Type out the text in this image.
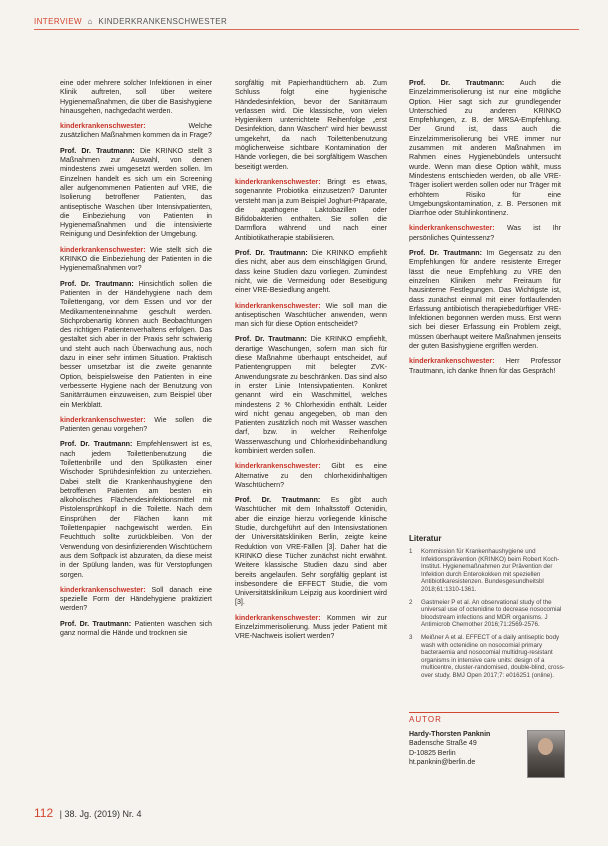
INTERVIEW ⌂ KINDERKRANKENSCHWESTER

eine oder mehrere solcher Infektionen in einer Klinik auftreten, soll über weitere Hygienemaßnahmen, die über die Basishygiene hinausgehen, nachgedacht werden.

kinderkrankenschwester: Welche zusätzlichen Maßnahmen kommen da in Frage?

Prof. Dr. Trautmann: Die KRINKO stellt 3 Maßnahmen zur Auswahl, von denen mindestens zwei umgesetzt werden sollen. Im Einzelnen handelt es sich um ein Screening aller aufgenommenen Patienten auf VRE, die Isolierung betroffener Patienten, das antiseptische Waschen über Intensivpatienten, die Einbeziehung von Patienten in Hygienemaßnahmen und die intensivierte Reinigung und Desinfektion der Umgebung.

kinderkrankenschwester: Wie stellt sich die KRINKO die Einbeziehung der Patienten in die Hygienemaßnahmen vor?

Prof. Dr. Trautmann: Hinsichtlich sollen die Patienten in der Händehygiene nach dem Toilettengang, vor dem Essen und vor der Medikamenteneinnahme geschult werden. Stichprobenartig können auch Beobachtungen des richtigen Patientenverhaltens erfolgen. Das gestaltet sich aber in der Praxis sehr schwierig und steht auch nach Überwachung aus, noch dazu in einer sehr intimen Situation. Praktisch besser umsetzbar ist die zweite genannte Option, beispielsweise den Patienten in eine verbesserte Hygiene nach der Benutzung von Sanitärräumen einzuweisen, zum Beispiel über ein Merkblatt.

kinderkrankenschwester: Wie sollen die Patienten genau vorgehen?

Prof. Dr. Trautmann: Empfehlenswert ist es, nach jedem Toilettenbenutzung die Toilettenbrille und den Spülkasten einer Wischoder Sprühdesinfektion zu unterziehen. Dabei stellt die Krankenhaushygiene den betroffenen Patienten am besten ein alkoholisches Flächendesinfektionsmittel mit Pistolensprühkopf in die Toilette. Nach dem Einsprühen der Flächen kann mit Toilettenpapier nachgewischt werden. Ein Feuchttuch sollte zurückbleiben. Von der Verwendung von desinfizierenden Wischtüchern aus dem Softpack ist abzuraten, da diese meist in der Spülung landen, was für Verstopfungen sorgen.

kinderkrankenschwester: Soll danach eine spezielle Form der Händehygiene praktiziert werden?

Prof. Dr. Trautmann: Patienten waschen sich ganz normal die Hände und trocknen sie

sorgfältig mit Papierhandtüchern ab. Zum Schluss folgt eine hygienische Händedesinfektion, bevor der Sanitärraum verlassen wird. Die klassische, von vielen Hygienikern unterrichtete Reihenfolge „erst Desinfektion, dann Waschen“ wird hier bewusst umgekehrt, da nach Toilettenbenutzung möglicherweise sichtbare Kontamination der Hände vorliegen, die bei sorgfältigem Waschen beseitigt werden.

kinderkrankenschwester: Bringt es etwas, sogenannte Probiotika einzusetzen? Darunter versteht man ja zum Beispiel Joghurt-Präparate, die apathogene Laktobazillen oder Bifidobakterien enthalten. Sie sollen die Darmflora während und nach einer Antibiotikatherapie stabilisieren.

Prof. Dr. Trautmann: Die KRINKO empfiehlt dies nicht, aber aus dem einschlägigen Grund, dass keine Studien dazu vorliegen. Zumindest nicht, wie die Vermeidung oder Beseitigung einer VRE-Besiedlung angeht.

kinderkrankenschwester: Wie soll man die antiseptischen Waschtücher anwenden, wenn man sich für diese Option entscheidet?

Prof. Dr. Trautmann: Die KRINKO empfiehlt, derartige Waschungen, sofern man sich für diese Maßnahme überhaupt entscheidet, auf Patientengruppen mit belegter ZVK-Anwendungsrate zu beschränken. Das sind also in erster Linie Intensivpatienten. Konkret genannt wird ein Waschmittel, welches mindestens 2 % Chlorhexidin enthält. Leider wird nicht genau angegeben, ob man den Patienten zusätzlich noch mit Wasser waschen darf, bzw. in welcher Reihenfolge Wasserwaschung und Chlorhexidinbehandlung kombiniert werden sollen.

kinderkrankenschwester: Gibt es eine Alternative zu den chlorhexidinhaltigen Waschtüchern?

Prof. Dr. Trautmann: Es gibt auch Waschtücher mit dem Inhaltsstoff Octenidin, aber die einzige hierzu vorliegende klinische Studie, durchgeführt auf den Intensivstationen der Universitätskliniken Berlin, zeigte keine Reduktion von VRE-Fällen [3]. Daher hat die KRINKO diese Tücher zunächst nicht erwähnt. Weitere klassische Studien dazu sind aber bereits angelaufen. Sehr sorgfältig geplant ist insbesondere die EFFECT Studie, die vom Universitätsklinikum Leipzig aus koordiniert wird [3].

kinderkrankenschwester: Kommen wir zur Einzelzimmerisolierung. Muss jeder Patient mit VRE-Nachweis isoliert werden?

Prof. Dr. Trautmann: Auch die Einzelzimmerisolierung ist nur eine mögliche Option. Hier sagt sich zur grundlegender Unterschied zu anderen KRINKO Empfehlungen, z. B. der MRSA-Empfehlung. Der Grund ist, dass auch die Einzelzimmerisolierung bei VRE immer nur zusammen mit anderen Maßnahmen im Rahmen eines Hygienebündels untersucht wurde. Wenn man diese Option wählt, muss Mindestens entschieden werden, ob alle VRE-Träger isoliert werden sollen oder nur Träger mit erhöhtem Risiko für eine Umgebungskontamination, z. B. Personen mit Diarrhoe oder Stuhlinkontinenz.

kinderkrankenschwester: Was ist Ihr persönliches Quintessenz?

Prof. Dr. Trautmann: Im Gegensatz zu den Empfehlungen für andere resistente Erreger lässt die neue Empfehlung zu VRE den einzelnen Kliniken mehr Freiraum für hausinterne Festlegungen. Das Wichtigste ist, dass zunächst einmal mit einer fortlaufenden Erfassung antibiotisch therapiebedürftiger VRE-Infektionen begonnen werden muss. Erst wenn sich bei dieser Erfassung ein Problem zeigt, müssen überhaupt weitere Maßnahmen jenseits der guten Basishygiene ergriffen werden.

kinderkrankenschwester: Herr Professor Trautmann, ich danke Ihnen für das Gespräch!

Literatur
1	Kommission für Krankenhaushygiene und Infektionsprävention (KRINKO) beim Robert Koch-Institut. Hygienemaßnahmen zur Prävention der Infektion durch Enterokokken mit speziellen Antibiotikaresistenzen. Bundesgesundheitsbl 2018;61:1310-1361.
2	Gastmeier P et al. An observational study of the universal use of octenidine to decrease nosocomial bloodstream infections and MDR organisms. J Antimicrob Chemother 2016;71:2569-2576.
3	Meißner A et al. EFFECT of a daily antiseptic body wash with octenidine on nosocomial primary bacteraemia and nosocomial multidrug-resistant organisms in intensive care units: design of a multicentre, cluster-randomised, double-blind, cross-over study. BMJ Open 2017;7: e016251 (online).
AUTOR
Hardy-Thorsten Panknin
Badensche Straße 49
D-10825 Berlin
ht.panknin@berlin.de
112 | 38. Jg. (2019) Nr. 4
